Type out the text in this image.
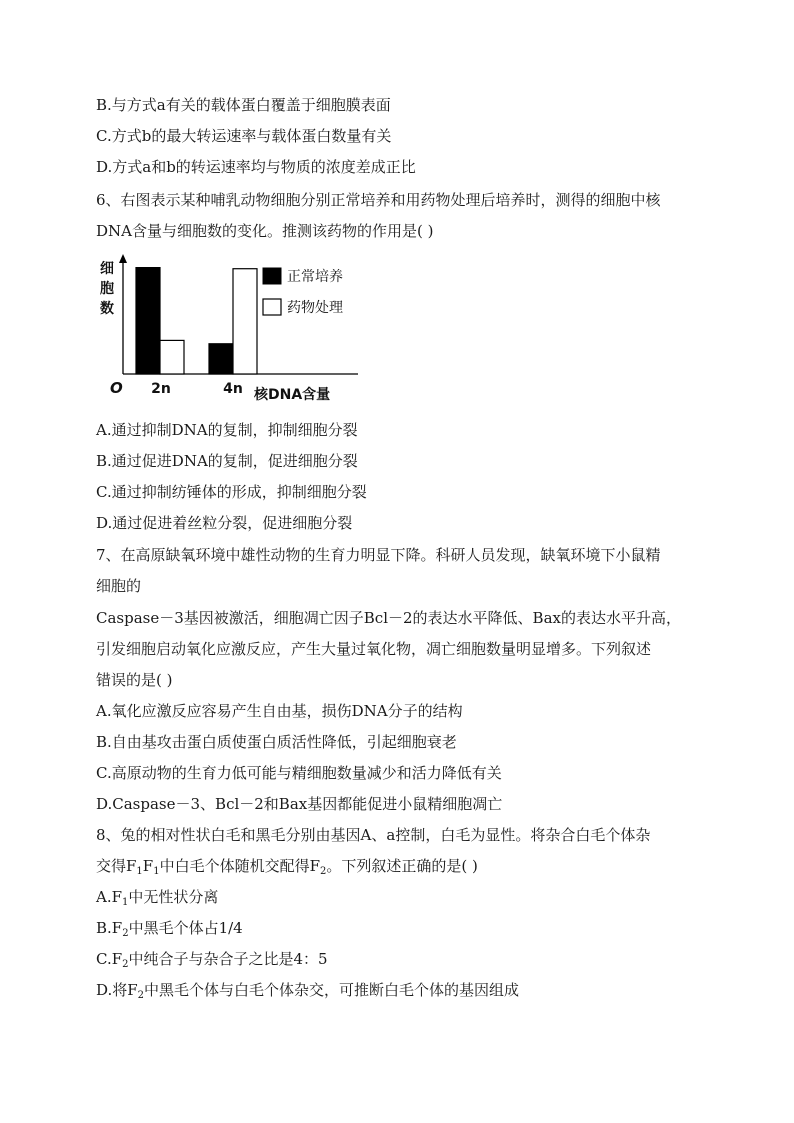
B.与方式a有关的载体蛋白覆盖于细胞膜表面
C.方式b的最大转运速率与载体蛋白数量有关
D.方式a和b的转运速率均与物质的浓度差成正比
6、右图表示某种哺乳动物细胞分别正常培养和用药物处理后培养时，测得的细胞中核
DNA含量与细胞数的变化。推测该药物的作用是( )
细
胞
数
O 2n	4n 核DNA含量
正常培养
药物处理
A.通过抑制DNA的复制，抑制细胞分裂
B.通过促进DNA的复制，促进细胞分裂
C.通过抑制纺锤体的形成，抑制细胞分裂
D.通过促进着丝粒分裂，促进细胞分裂
7、在高原缺氧环境中雄性动物的生育力明显下降。科研人员发现，缺氧环境下小鼠精
细胞的
Caspase－3基因被激活，细胞凋亡因子Bcl－2的表达水平降低、Bax的表达水平升高，
引发细胞启动氧化应激反应，产生大量过氧化物，凋亡细胞数量明显增多。下列叙述
错误的是( )
A.氧化应激反应容易产生自由基，损伤DNA分子的结构
B.自由基攻击蛋白质使蛋白质活性降低，引起细胞衰老
C.高原动物的生育力低可能与精细胞数量减少和活力降低有关
D.Caspase－3、Bcl－2和Bax基因都能促进小鼠精细胞凋亡
8、兔的相对性状白毛和黑毛分别由基因A、a控制，白毛为显性。将杂合白毛个体杂
交得$F_1F_1$中白毛个体随机交配得$F_2$。下列叙述正确的是( )
$A.F_1$中无性状分离
$B.F_2$中黑毛个体占1/4
$C.F_2$中纯合子与杂合子之比是4：5
D.将$F_2$中黑毛个体与白毛个体杂交，可推断白毛个体的基因组成
